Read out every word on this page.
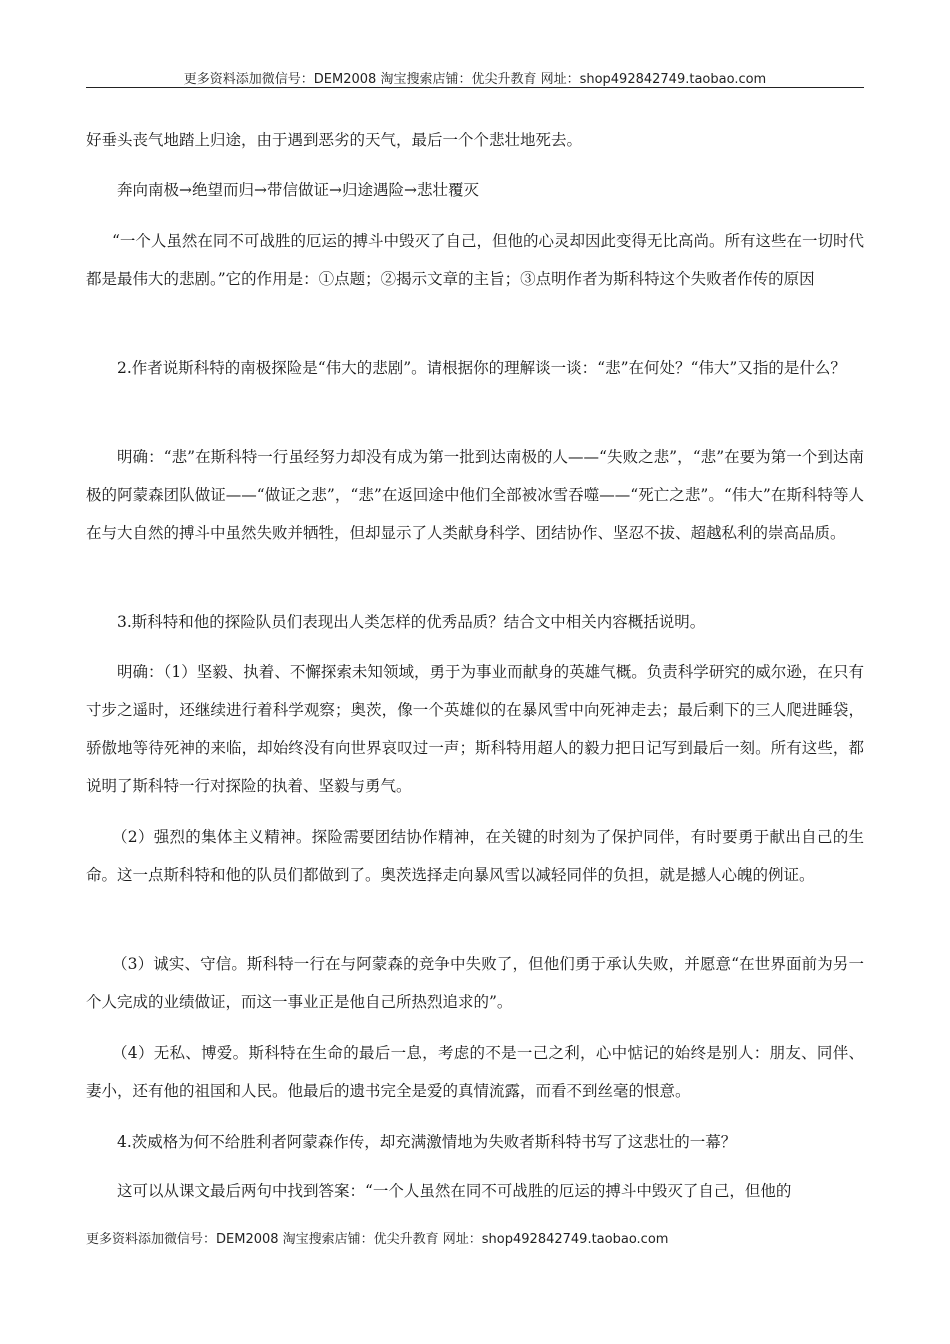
更多资料添加微信号：DEM2008 淘宝搜索店铺：优尖升教育 网址：shop492842749.taobao.com

好垂头丧气地踏上归途，由于遇到恶劣的天气，最后一个个悲壮地死去。

奔向南极→绝望而归→带信做证→归途遇险→悲壮覆灭

“一个人虽然在同不可战胜的厄运的搏斗中毁灭了自己，但他的心灵却因此变得无比高尚。所有这些在一切时代都是最伟大的悲剧。”它的作用是：①点题；②揭示文章的主旨；③点明作者为斯科特这个失败者作传的原因

2.作者说斯科特的南极探险是“伟大的悲剧”。请根据你的理解谈一谈：“悲”在何处？“伟大”又指的是什么？

明确：“悲”在斯科特一行虽经努力却没有成为第一批到达南极的人——“失败之悲”，“悲”在要为第一个到达南极的阿蒙森团队做证——“做证之悲”，“悲”在返回途中他们全部被冰雪吞噬——“死亡之悲”。“伟大”在斯科特等人在与大自然的搏斗中虽然失败并牺牲，但却显示了人类献身科学、团结协作、坚忍不拔、超越私利的崇高品质。

3.斯科特和他的探险队员们表现出人类怎样的优秀品质？结合文中相关内容概括说明。

明确：（1）坚毅、执着、不懈探索未知领域，勇于为事业而献身的英雄气概。负责科学研究的威尔逊，在只有寸步之遥时，还继续进行着科学观察；奥茨，像一个英雄似的在暴风雪中向死神走去；最后剩下的三人爬进睡袋，骄傲地等待死神的来临，却始终没有向世界哀叹过一声；斯科特用超人的毅力把日记写到最后一刻。所有这些，都说明了斯科特一行对探险的执着、坚毅与勇气。

（2）强烈的集体主义精神。探险需要团结协作精神，在关键的时刻为了保护同伴，有时要勇于献出自己的生命。这一点斯科特和他的队员们都做到了。奥茨选择走向暴风雪以减轻同伴的负担，就是撼人心魄的例证。

（3）诚实、守信。斯科特一行在与阿蒙森的竞争中失败了，但他们勇于承认失败，并愿意“在世界面前为另一个人完成的业绩做证，而这一事业正是他自己所热烈追求的”。

（4）无私、博爱。斯科特在生命的最后一息，考虑的不是一己之利，心中惦记的始终是别人：朋友、同伴、妻小，还有他的祖国和人民。他最后的遗书完全是爱的真情流露，而看不到丝毫的恨意。

4.茨威格为何不给胜利者阿蒙森作传，却充满激情地为失败者斯科特书写了这悲壮的一幕？

这可以从课文最后两句中找到答案：“一个人虽然在同不可战胜的厄运的搏斗中毁灭了自己，但他的

更多资料添加微信号：DEM2008 淘宝搜索店铺：优尖升教育 网址：shop492842749.taobao.com
